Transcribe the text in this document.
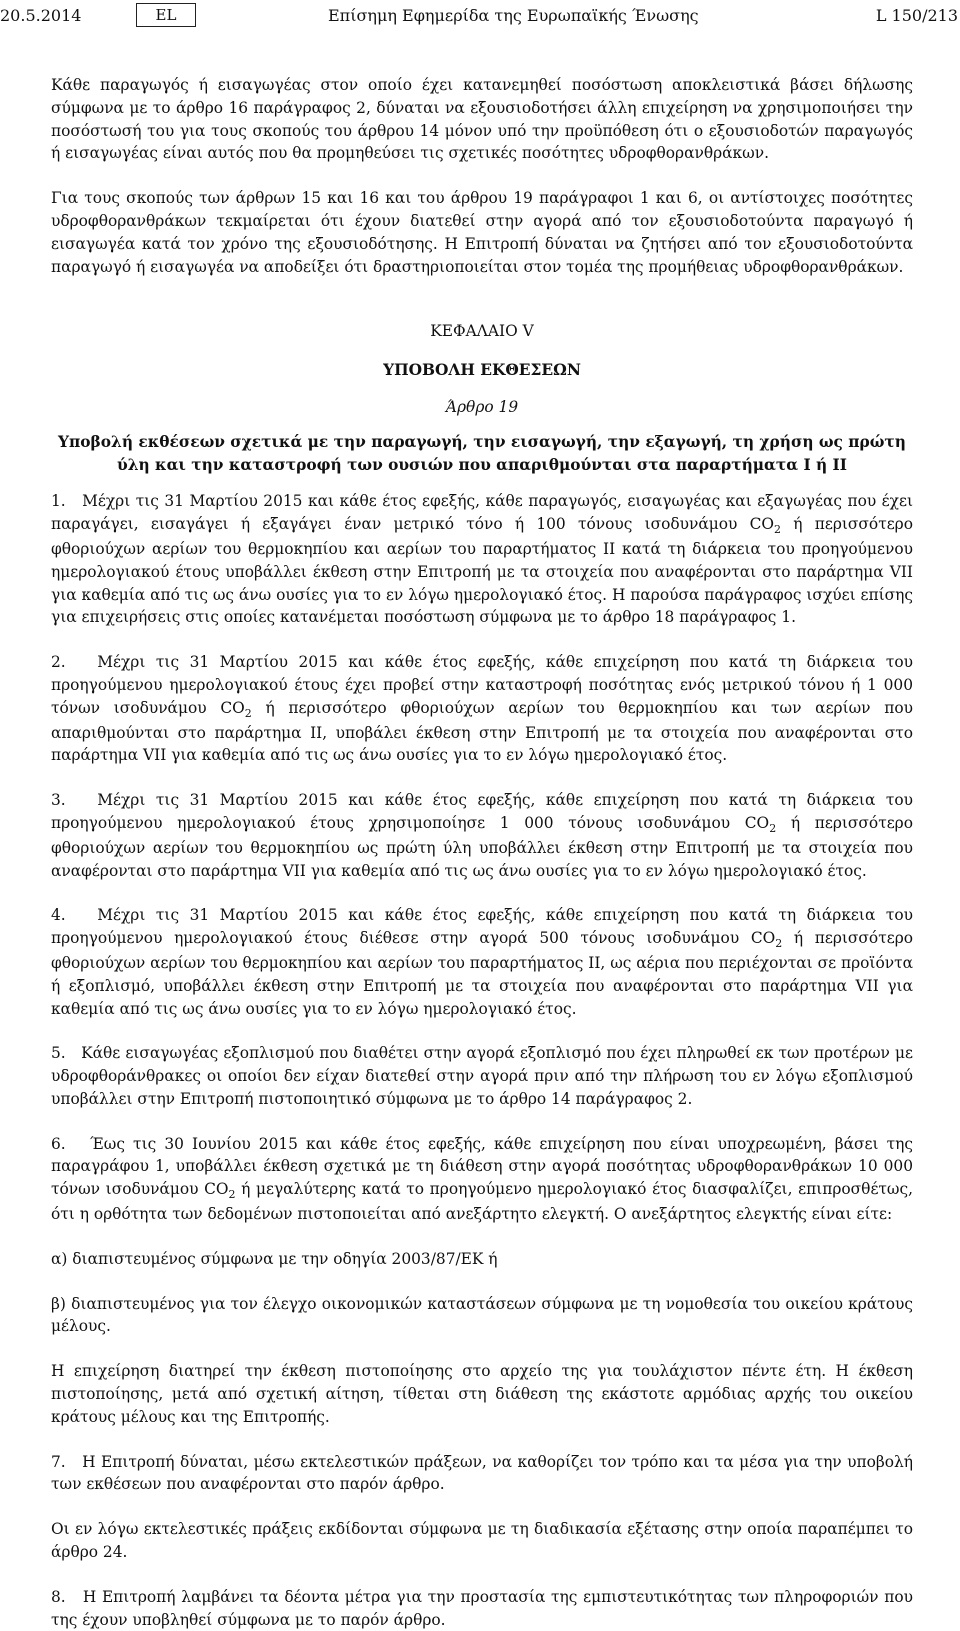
20.5.2014	EL	Επίσημη Εφημερίδα της Ευρωπαϊκής Ένωσης	L 150/213

Κάθε παραγωγός ή εισαγωγέας στον οποίο έχει κατανεμηθεί ποσόστωση αποκλειστικά βάσει δήλωσης σύμφωνα με το άρθρο 16 παράγραφος 2, δύναται να εξουσιοδοτήσει άλλη επιχείρηση να χρησιμοποιήσει την ποσόστωσή του για τους σκοπούς του άρθρου 14 μόνον υπό την προϋπόθεση ότι ο εξουσιοδοτών παραγωγός ή εισαγωγέας είναι αυτός που θα προμηθεύσει τις σχετικές ποσότητες υδροφθορανθράκων.

Για τους σκοπούς των άρθρων 15 και 16 και του άρθρου 19 παράγραφοι 1 και 6, οι αντίστοιχες ποσότητες υδροφθορανθράκων τεκμαίρεται ότι έχουν διατεθεί στην αγορά από τον εξουσιοδοτούντα παραγωγό ή εισαγωγέα κατά τον χρόνο της εξουσιοδότησης. Η Επιτροπή δύναται να ζητήσει από τον εξουσιοδοτούντα παραγωγό ή εισαγωγέα να αποδείξει ότι δραστηριοποιείται στον τομέα της προμήθειας υδροφθορανθράκων.

ΚΕΦΑΛΑΙΟ V
ΥΠΟΒΟΛΗ ΕΚΘΕΣΕΩΝ
Άρθρο 19
Υποβολή εκθέσεων σχετικά με την παραγωγή, την εισαγωγή, την εξαγωγή, τη χρήση ως πρώτη ύλη και την καταστροφή των ουσιών που απαριθμούνται στα παραρτήματα I ή II

1. Μέχρι τις 31 Μαρτίου 2015 και κάθε έτος εφεξής, κάθε παραγωγός, εισαγωγέας και εξαγωγέας που έχει παραγάγει, εισαγάγει ή εξαγάγει έναν μετρικό τόνο ή 100 τόνους ισοδυνάμου $CO_2$ ή περισσότερο φθοριούχων αερίων του θερμοκηπίου και αερίων του παραρτήματος II κατά τη διάρκεια του προηγούμενου ημερολογιακού έτους υποβάλλει έκθεση στην Επιτροπή με τα στοιχεία που αναφέρονται στο παράρτημα VII για καθεμία από τις ως άνω ουσίες για το εν λόγω ημερολογιακό έτος. Η παρούσα παράγραφος ισχύει επίσης για επιχειρήσεις στις οποίες κατανέμεται ποσόστωση σύμφωνα με το άρθρο 18 παράγραφος 1.

2. Μέχρι τις 31 Μαρτίου 2015 και κάθε έτος εφεξής, κάθε επιχείρηση που κατά τη διάρκεια του προηγούμενου ημερολογιακού έτους έχει προβεί στην καταστροφή ποσότητας ενός μετρικού τόνου ή 1 000 τόνων ισοδυνάμου $CO_2$ ή περισσότερο φθοριούχων αερίων του θερμοκηπίου και των αερίων που απαριθμούνται στο παράρτημα II, υποβάλει έκθεση στην Επιτροπή με τα στοιχεία που αναφέρονται στο παράρτημα VII για καθεμία από τις ως άνω ουσίες για το εν λόγω ημερολογιακό έτος.

3. Μέχρι τις 31 Μαρτίου 2015 και κάθε έτος εφεξής, κάθε επιχείρηση που κατά τη διάρκεια του προηγούμενου ημερολογιακού έτους χρησιμοποίησε 1 000 τόνους ισοδυνάμου $CO_2$ ή περισσότερο φθοριούχων αερίων του θερμοκηπίου ως πρώτη ύλη υποβάλλει έκθεση στην Επιτροπή με τα στοιχεία που αναφέρονται στο παράρτημα VII για καθεμία από τις ως άνω ουσίες για το εν λόγω ημερολογιακό έτος.

4. Μέχρι τις 31 Μαρτίου 2015 και κάθε έτος εφεξής, κάθε επιχείρηση που κατά τη διάρκεια του προηγούμενου ημερολογιακού έτους διέθεσε στην αγορά 500 τόνους ισοδυνάμου $CO_2$ ή περισσότερο φθοριούχων αερίων του θερμοκηπίου και αερίων του παραρτήματος II, ως αέρια που περιέχονται σε προϊόντα ή εξοπλισμό, υποβάλλει έκθεση στην Επιτροπή με τα στοιχεία που αναφέρονται στο παράρτημα VII για καθεμία από τις ως άνω ουσίες για το εν λόγω ημερολογιακό έτος.

5. Κάθε εισαγωγέας εξοπλισμού που διαθέτει στην αγορά εξοπλισμό που έχει πληρωθεί εκ των προτέρων με υδροφθοράνθρακες οι οποίοι δεν είχαν διατεθεί στην αγορά πριν από την πλήρωση του εν λόγω εξοπλισμού υποβάλλει στην Επιτροπή πιστοποιητικό σύμφωνα με το άρθρο 14 παράγραφος 2.

6. Έως τις 30 Ιουνίου 2015 και κάθε έτος εφεξής, κάθε επιχείρηση που είναι υποχρεωμένη, βάσει της παραγράφου 1, υποβάλλει έκθεση σχετικά με τη διάθεση στην αγορά ποσότητας υδροφθορανθράκων 10 000 τόνων ισοδυνάμου $CO_2$ ή μεγαλύτερης κατά το προηγούμενο ημερολογιακό έτος διασφαλίζει, επιπροσθέτως, ότι η ορθότητα των δεδομένων πιστοποιείται από ανεξάρτητο ελεγκτή. Ο ανεξάρτητος ελεγκτής είναι είτε:

α) διαπιστευμένος σύμφωνα με την οδηγία 2003/87/ΕΚ ή

β) διαπιστευμένος για τον έλεγχο οικονομικών καταστάσεων σύμφωνα με τη νομοθεσία του οικείου κράτους μέλους.

Η επιχείρηση διατηρεί την έκθεση πιστοποίησης στο αρχείο της για τουλάχιστον πέντε έτη. Η έκθεση πιστοποίησης, μετά από σχετική αίτηση, τίθεται στη διάθεση της εκάστοτε αρμόδιας αρχής του οικείου κράτους μέλους και της Επιτροπής.

7. Η Επιτροπή δύναται, μέσω εκτελεστικών πράξεων, να καθορίζει τον τρόπο και τα μέσα για την υποβολή των εκθέσεων που αναφέρονται στο παρόν άρθρο.

Οι εν λόγω εκτελεστικές πράξεις εκδίδονται σύμφωνα με τη διαδικασία εξέτασης στην οποία παραπέμπει το άρθρο 24.

8. Η Επιτροπή λαμβάνει τα δέοντα μέτρα για την προστασία της εμπιστευτικότητας των πληροφοριών που της έχουν υποβληθεί σύμφωνα με το παρόν άρθρο.
